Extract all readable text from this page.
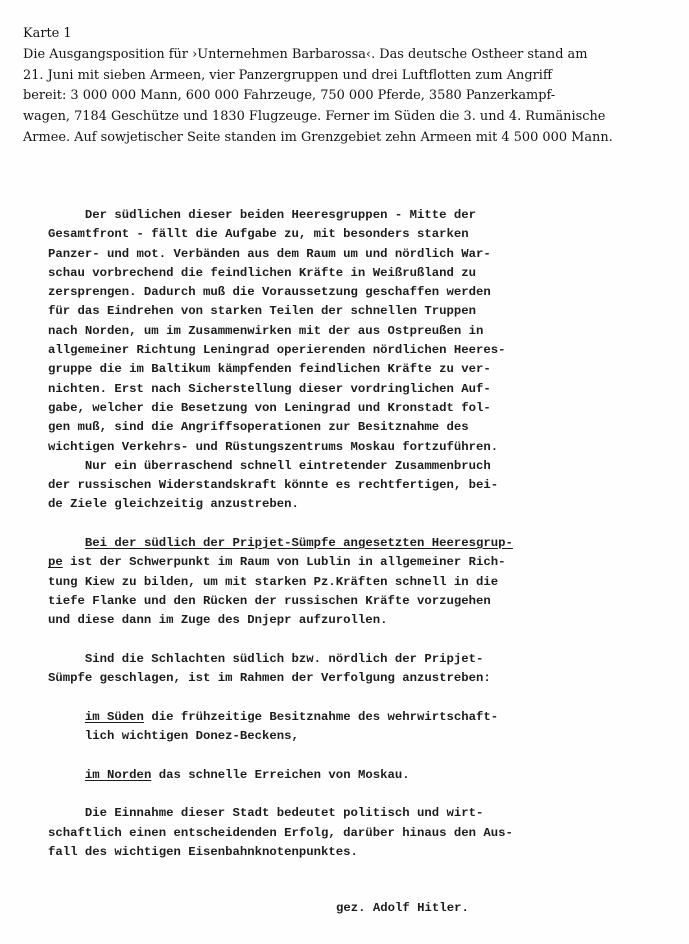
Karte 1
Die Ausgangsposition für ›Unternehmen Barbarossa‹. Das deutsche Ostheer stand am
21. Juni mit sieben Armeen, vier Panzergruppen und drei Luftflotten zum Angriff
bereit: 3 000 000 Mann, 600 000 Fahrzeuge, 750 000 Pferde, 3580 Panzerkampf-
wagen, 7184 Geschütze und 1830 Flugzeuge. Ferner im Süden die 3. und 4. Rumänische
Armee. Auf sowjetischer Seite standen im Grenzgebiet zehn Armeen mit 4 500 000 Mann.
Der südlichen dieser beiden Heeresgruppen - Mitte der
Gesamtfront - fällt die Aufgabe zu, mit besonders starken
Panzer- und mot. Verbänden aus dem Raum um und nördlich War-
schau vorbrechend die feindlichen Kräfte in Weißrußland zu
zersprengen. Dadurch muß die Voraussetzung geschaffen werden
für das Eindrehen von starken Teilen der schnellen Truppen
nach Norden, um im Zusammenwirken mit der aus Ostpreußen in
allgemeiner Richtung Leningrad operierenden nördlichen Heeres-
gruppe die im Baltikum kämpfenden feindlichen Kräfte zu ver-
nichten. Erst nach Sicherstellung dieser vordringlichen Auf-
gabe, welcher die Besetzung von Leningrad und Kronstadt fol-
gen muß, sind die Angriffsoperationen zur Besitznahme des
wichtigen Verkehrs- und Rüstungszentrums Moskau fortzuführen.
Nur ein überraschend schnell eintretender Zusammenbruch
der russischen Widerstandskraft könnte es rechtfertigen, bei-
de Ziele gleichzeitig anzustreben.
Bei der südlich der Pripjet-Sümpfe angesetzten Heeresgrup-
pe ist der Schwerpunkt im Raum von Lublin in allgemeiner Rich-
tung Kiew zu bilden, um mit starken Pz.Kräften schnell in die
tiefe Flanke und den Rücken der russischen Kräfte vorzugehen
und diese dann im Zuge des Dnjepr aufzurollen.
Sind die Schlachten südlich bzw. nördlich der Pripjet-
Sümpfe geschlagen, ist im Rahmen der Verfolgung anzustreben:
im Süden die frühzeitige Besitznahme des wehrwirtschaft-
lich wichtigen Donez-Beckens,
im Norden das schnelle Erreichen von Moskau.
Die Einnahme dieser Stadt bedeutet politisch und wirt-
schaftlich einen entscheidenden Erfolg, darüber hinaus den Aus-
fall des wichtigen Eisenbahnknotenpunktes.
gez. Adolf Hitler.
